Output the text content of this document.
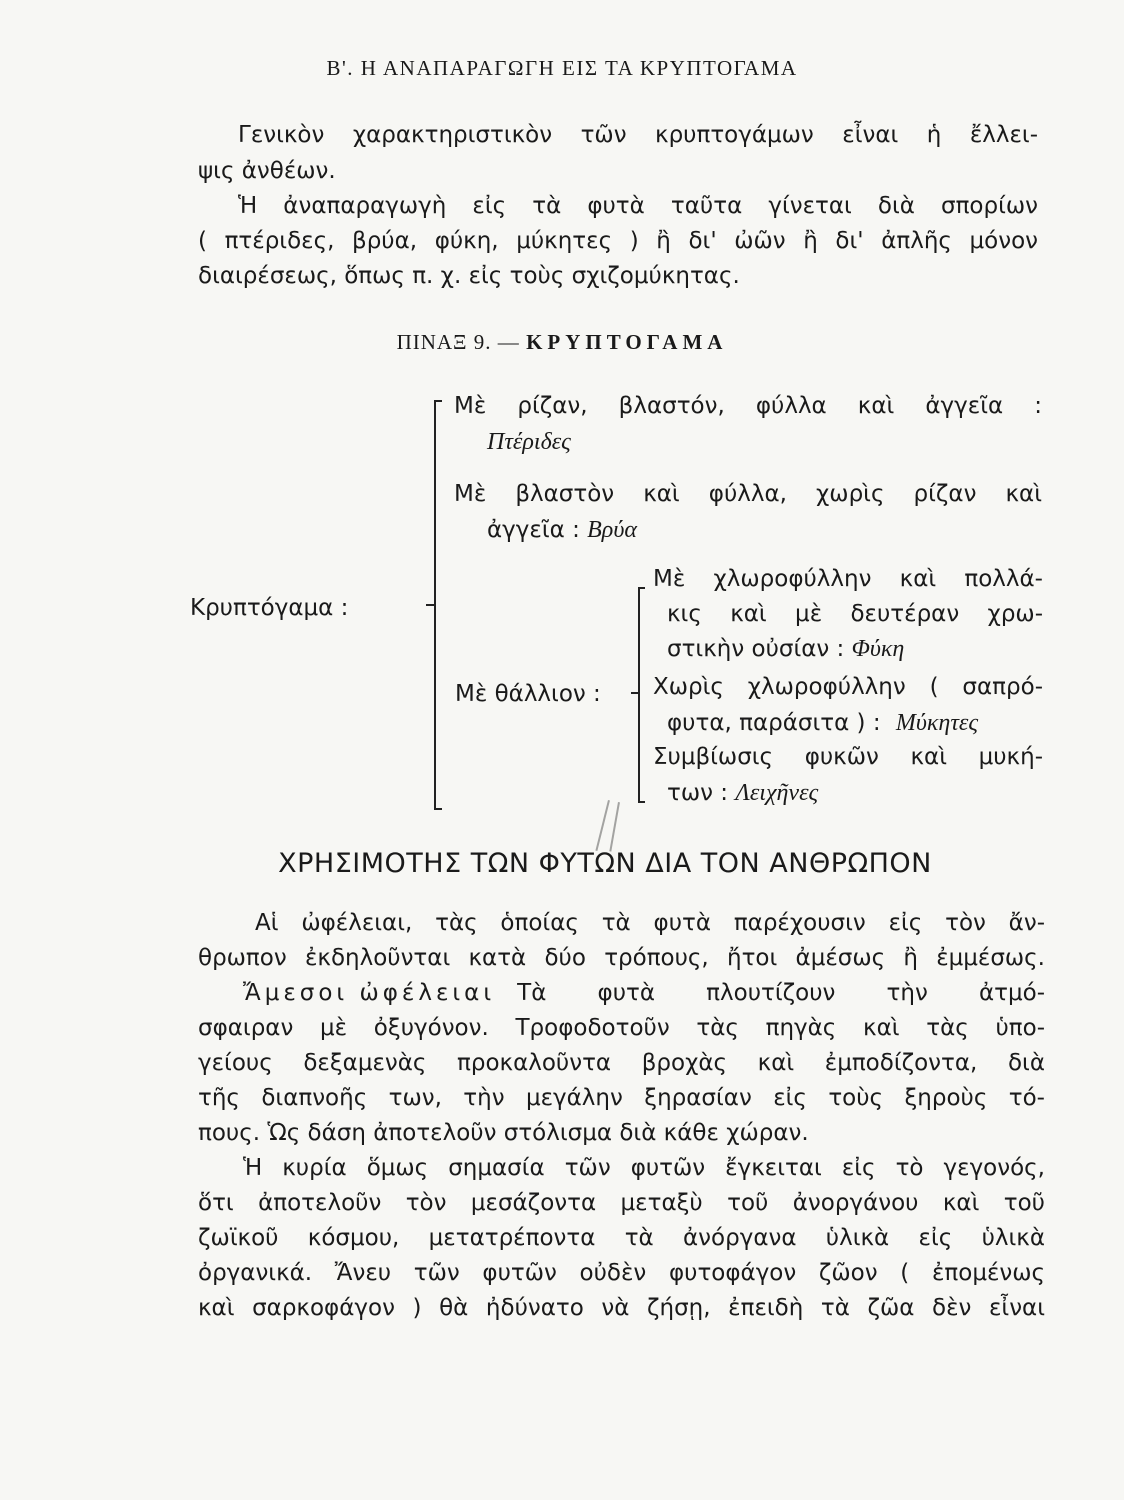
Β'. Η ΑΝΑΠΑΡΑΓΩΓΗ ΕΙΣ ΤΑ ΚΡΥΠΤΟΓΑΜΑ
Γενικὸν χαρακτηριστικὸν τῶν κρυπτογάμων εἶναι ἡ ἔλλει-
ψις ἀνθέων.
Ἡ ἀναπαραγωγὴ εἰς τὰ φυτὰ ταῦτα γίνεται διὰ σπορίων
( πτέριδες, βρύα, φύκη, μύκητες ) ἢ δι' ὠῶν ἢ δι' ἀπλῆς μόνον
διαιρέσεως, ὅπως π. χ. εἰς τοὺς σχιζομύκητας.
ΠΙΝΑΞ 9. — ΚΡΥΠΤΟΓΑΜΑ
Κρυπτόγαμα :
Μὲ ρίζαν, βλαστόν, φύλλα καὶ ἀγγεῖα :
Πτέριδες
Μὲ βλαστὸν καὶ φύλλα, χωρὶς ρίζαν καὶ
ἀγγεῖα : Βρύα
Μὲ θάλλιον :
Μὲ χλωροφύλλην καὶ πολλά-
κις καὶ μὲ δευτέραν χρω-
στικὴν οὐσίαν : Φύκη
Χωρὶς χλωροφύλλην ( σαπρό-
φυτα, παράσιτα ) : Μύκητες
Συμβίωσις φυκῶν καὶ μυκή-
των : Λειχῆνες
ΧΡΗΣΙΜΟΤΗΣ ΤΩΝ ΦΥΤΩΝ ΔΙΑ ΤΟΝ ΑΝΘΡΩΠΟΝ
Αἱ ὠφέλειαι, τὰς ὁποίας τὰ φυτὰ παρέχουσιν εἰς τὸν ἄν-
θρωπον ἐκδηλοῦνται κατὰ δύο τρόπους, ἤτοι ἀμέσως ἢ ἐμμέσως.
Ἄμεσοι ὠφέλειαι Τὰ φυτὰ πλουτίζουν τὴν ἀτμό-
σφαιραν μὲ ὀξυγόνον. Τροφοδοτοῦν τὰς πηγὰς καὶ τὰς ὑπο-
γείους δεξαμενὰς προκαλοῦντα βροχὰς καὶ ἐμποδίζοντα, διὰ
τῆς διαπνοῆς των, τὴν μεγάλην ξηρασίαν εἰς τοὺς ξηροὺς τό-
πους. Ὡς δάση ἀποτελοῦν στόλισμα διὰ κάθε χώραν.
Ἡ κυρία ὅμως σημασία τῶν φυτῶν ἔγκειται εἰς τὸ γεγονός,
ὅτι ἀποτελοῦν τὸν μεσάζοντα μεταξὺ τοῦ ἀνοργάνου καὶ τοῦ
ζωϊκοῦ κόσμου, μετατρέποντα τὰ ἀνόργανα ὑλικὰ εἰς ὑλικὰ
ὀργανικά. Ἄνευ τῶν φυτῶν οὐδὲν φυτοφάγον ζῶον ( ἐπομένως
καὶ σαρκοφάγον ) θὰ ἠδύνατο νὰ ζήσῃ, ἐπειδὴ τὰ ζῶα δὲν εἶναι
